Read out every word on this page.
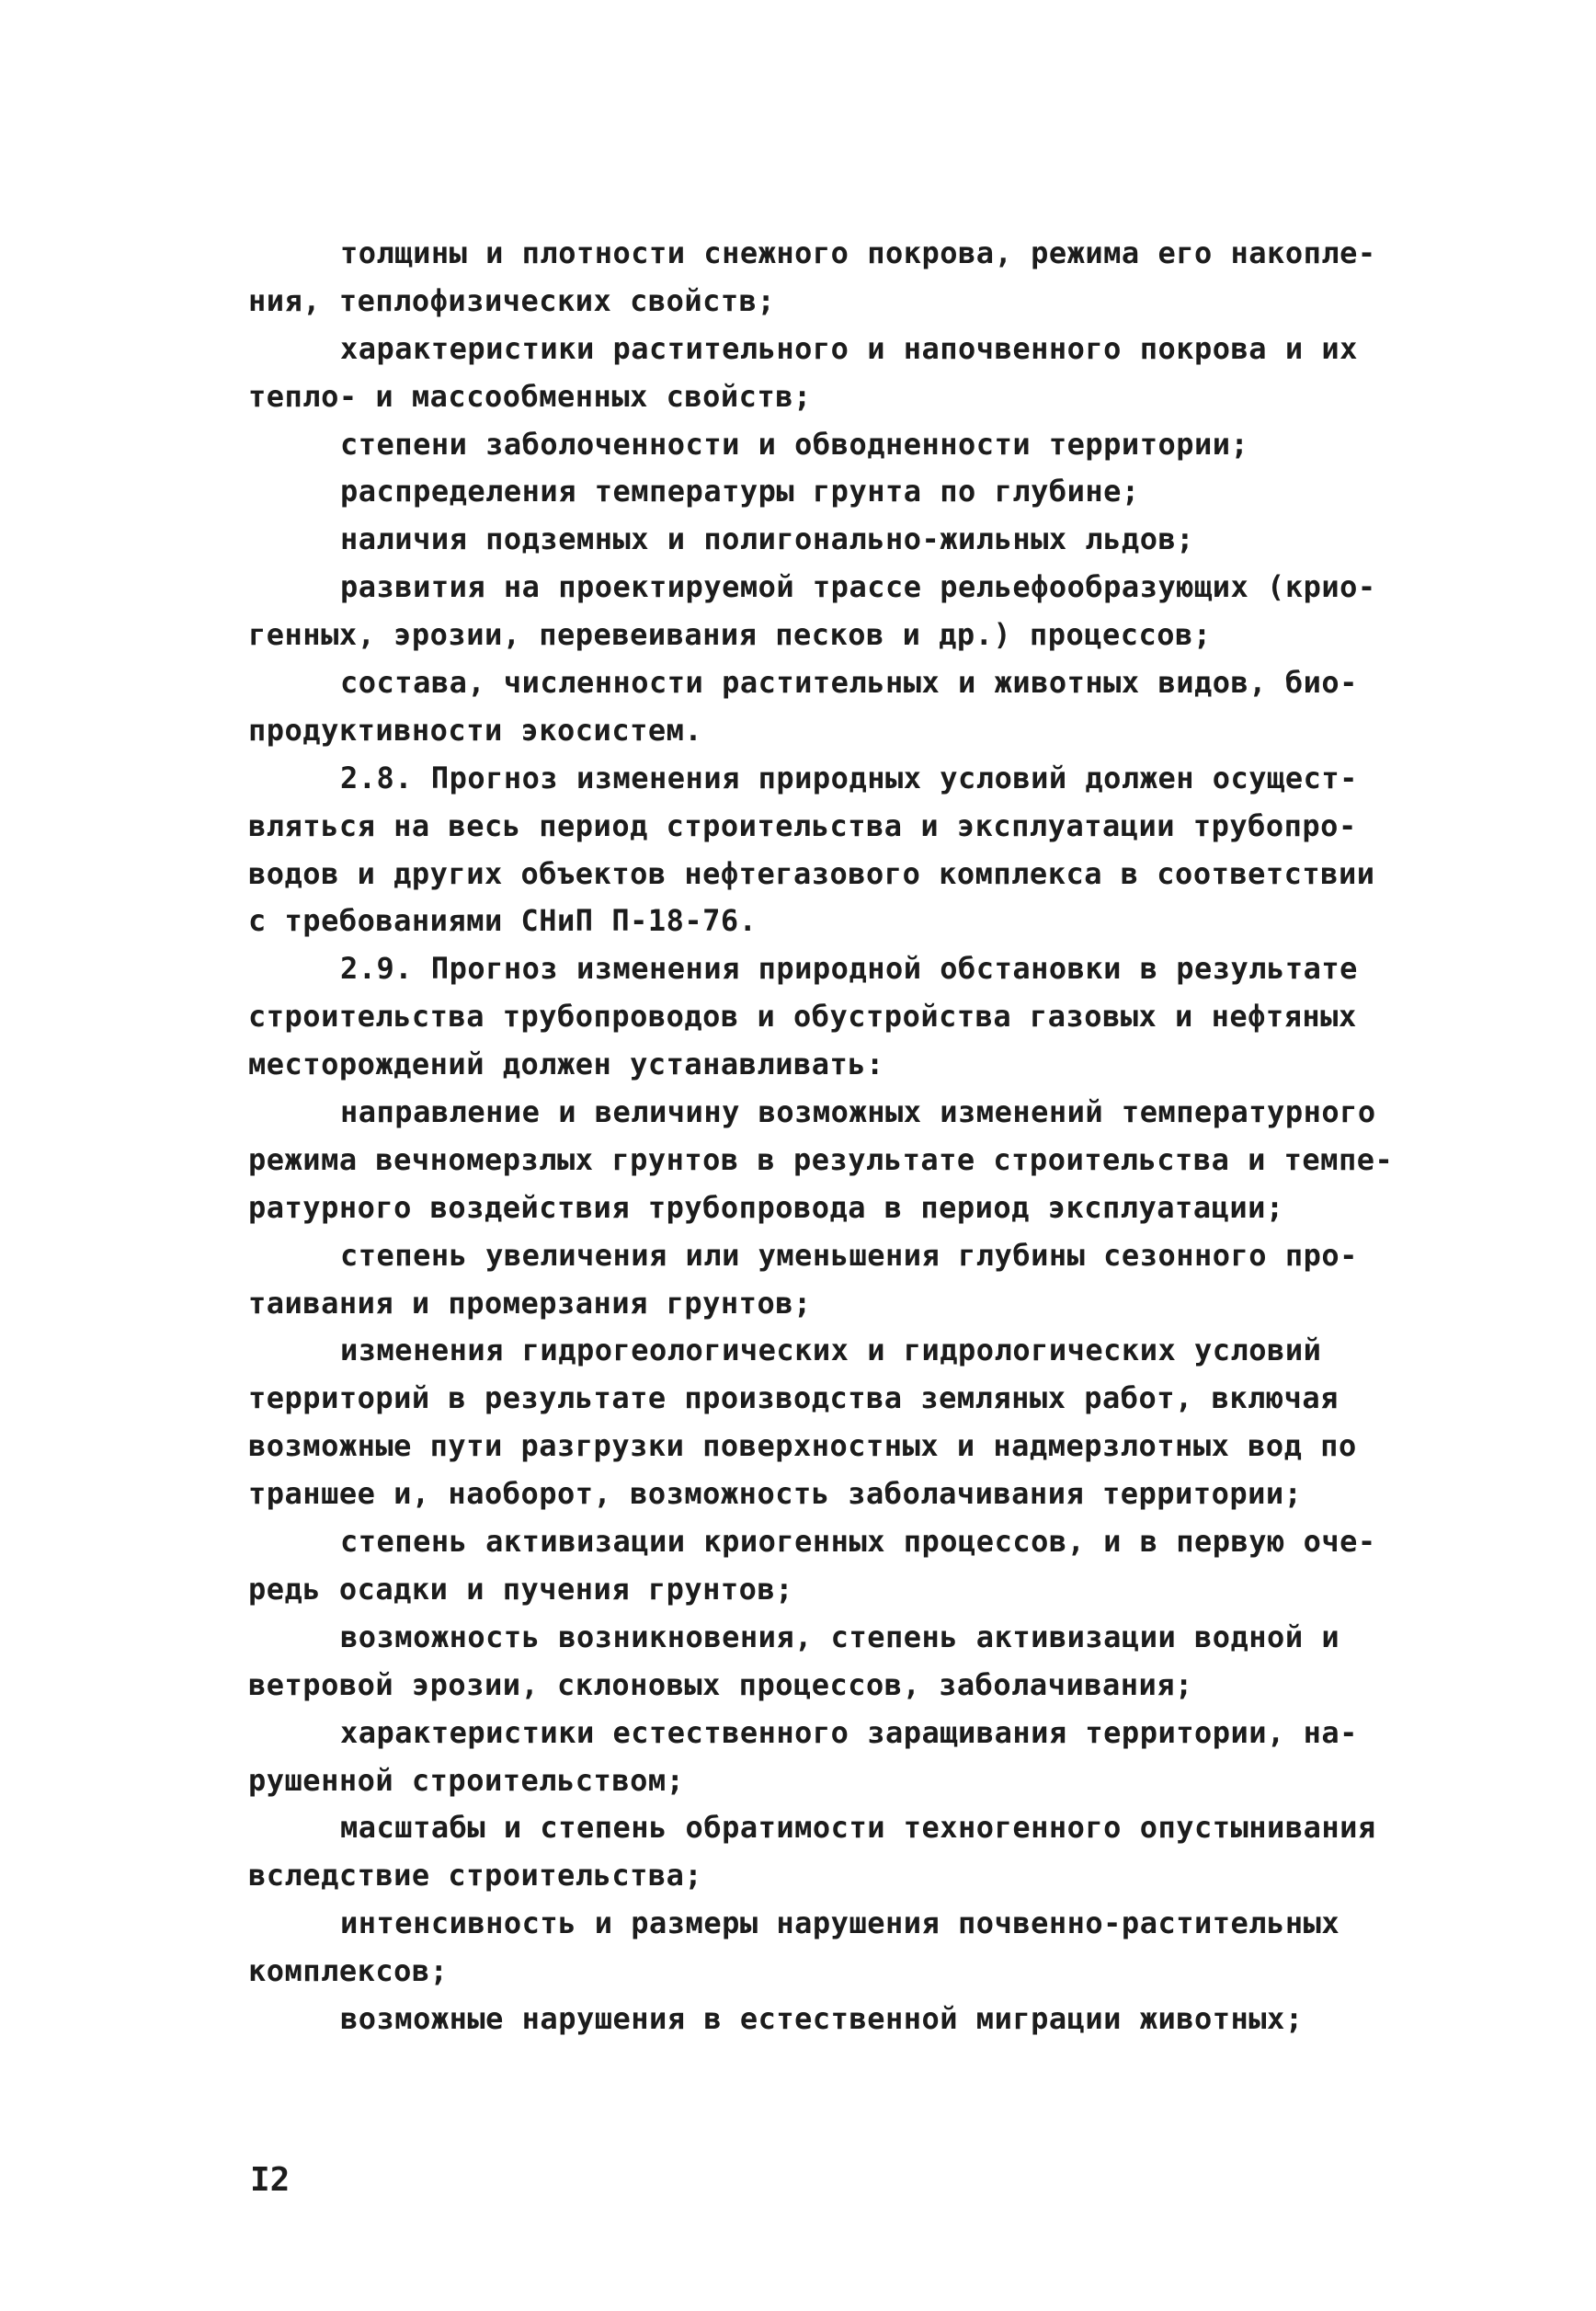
толщины и плотности снежного покрова, режима его накопле-
ния, теплофизических свойств;
характеристики растительного и напочвенного покрова и их
тепло- и массообменных свойств;
степени заболоченности и обводненности территории;
распределения температуры грунта по глубине;
наличия подземных и полигонально-жильных льдов;
развития на проектируемой трассе рельефообразующих (крио-
генных, эрозии, перевеивания песков и др.) процессов;
состава, численности растительных и животных видов, био-
продуктивности экосистем.
2.8. Прогноз изменения природных условий должен осущест-
вляться на весь период строительства и эксплуатации трубопро-
водов и других объектов нефтегазового комплекса в соответствии
с требованиями СНиП П-18-76.
2.9. Прогноз изменения природной обстановки в результате
строительства трубопроводов и обустройства газовых и нефтяных
месторождений должен устанавливать:
направление и величину возможных изменений температурного
режима вечномерзлых грунтов в результате строительства и темпе-
ратурного воздействия трубопровода в период эксплуатации;
степень увеличения или уменьшения глубины сезонного про-
таивания и промерзания грунтов;
изменения гидрогеологических и гидрологических условий
территорий в результате производства земляных работ, включая
возможные пути разгрузки поверхностных и надмерзлотных вод по
траншее и, наоборот, возможность заболачивания территории;
степень активизации криогенных процессов, и в первую оче-
редь осадки и пучения грунтов;
возможность возникновения, степень активизации водной и
ветровой эрозии, склоновых процессов, заболачивания;
характеристики естественного заращивания территории, на-
рушенной строительством;
масштабы и степень обратимости техногенного опустынивания
вследствие строительства;
интенсивность и размеры нарушения почвенно-растительных
комплексов;
возможные нарушения в естественной миграции животных;
I2
